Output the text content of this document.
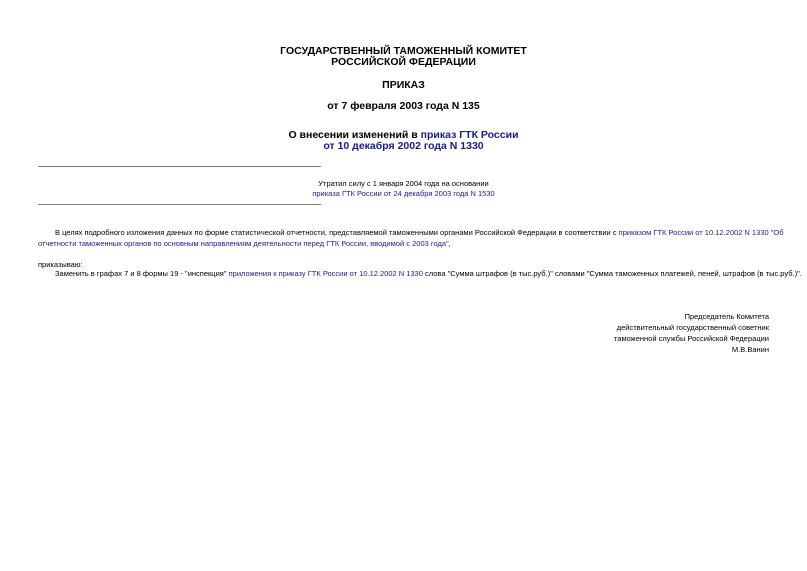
ГОСУДАРСТВЕННЫЙ ТАМОЖЕННЫЙ КОМИТЕТ
РОССИЙСКОЙ ФЕДЕРАЦИИ
ПРИКАЗ
от 7 февраля 2003 года N 135
О внесении изменений в приказ ГТК России
от 10 декабря 2002 года N 1330
Утратил силу с 1 января 2004 года на основании
приказа ГТК России от 24 декабря 2003 года N 1530
В целях подробного изложения данных по форме статистической отчетности, представляемой таможенными органами Российской Федерации в соответствии с приказом ГТК России от 10.12.2002 N 1330 "Об
отчетности таможенных органов по основным направлениям деятельности перед ГТК России, вводимой с 2003 года",
приказываю:
Заменить в графах 7 и 8 формы 19 - "инспекция" приложения к приказу ГТК России от 10.12.2002 N 1330 слова "Сумма штрафов (в тыс.руб.)" словами "Сумма таможенных платежей, пеней, штрафов (в тыс.руб.)".
Председатель Комитета
действительный государственный советник
таможенной службы Российской Федерации
М.В.Ванин
